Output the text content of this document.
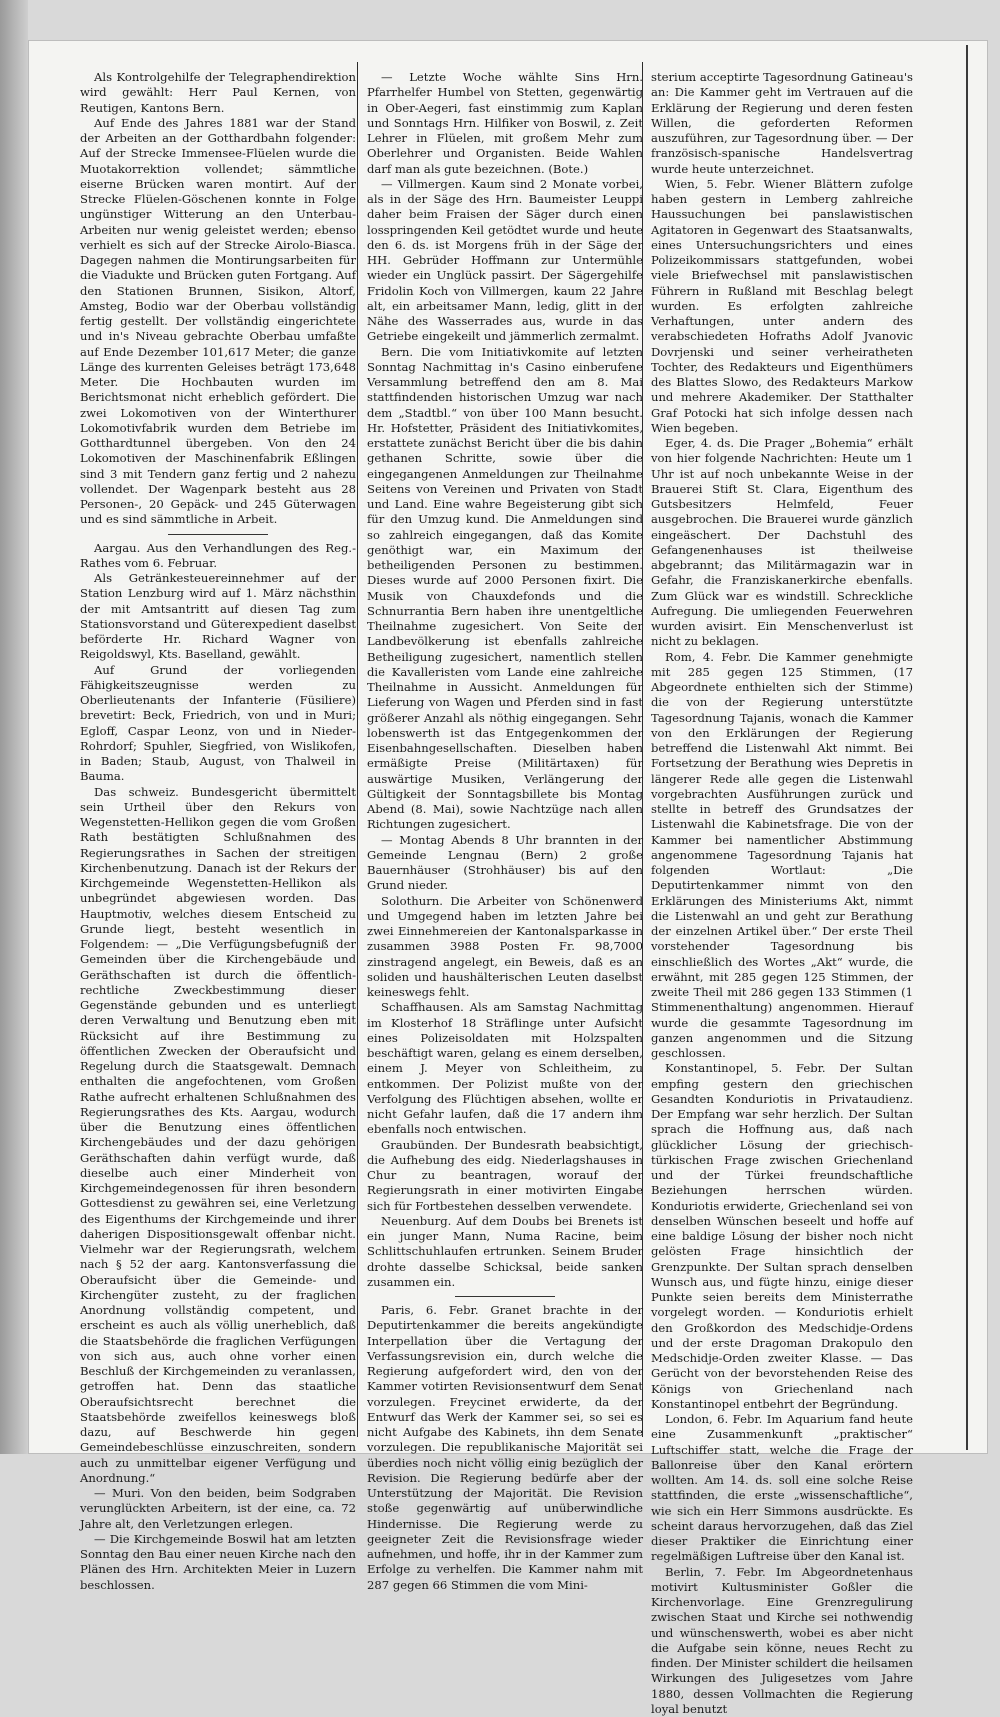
Als Kontrolgehilfe der Telegraphendirektion wird gewählt: Herr Paul Kernen, von Reutigen, Kantons Bern.

Auf Ende des Jahres 1881 war der Stand der Arbeiten an der Gotthardbahn folgender: Auf der Strecke Immensee-Flüelen wurde die Muotakorrektion vollendet; sämmtliche eiserne Brücken waren montirt. Auf der Strecke Flüelen-Göschenen konnte in Folge ungünstiger Witterung an den Unterbau-Arbeiten nur wenig geleistet werden; ebenso verhielt es sich auf der Strecke Airolo-Biasca. Dagegen nahmen die Montirungsarbeiten für die Viadukte und Brücken guten Fortgang. Auf den Stationen Brunnen, Sisikon, Altorf, Amsteg, Bodio war der Oberbau vollständig fertig gestellt. Der vollständig eingerichtete und in's Niveau gebrachte Oberbau umfaßte auf Ende Dezember 101,617 Meter; die ganze Länge des kurrenten Geleises beträgt 173,648 Meter. Die Hochbauten wurden im Berichtsmonat nicht erheblich gefördert. Die zwei Lokomotiven von der Winterthurer Lokomotivfabrik wurden dem Betriebe im Gotthardtunnel übergeben. Von den 24 Lokomotiven der Maschinenfabrik Eßlingen sind 3 mit Tendern ganz fertig und 2 nahezu vollendet. Der Wagenpark besteht aus 28 Personen-, 20 Gepäck- und 245 Güterwagen und es sind sämmtliche in Arbeit.

Aargau. Aus den Verhandlungen des Reg.-Rathes vom 6. Februar.

Als Getränkesteuereinnehmer auf der Station Lenzburg wird auf 1. März nächsthin der mit Amtsantritt auf diesen Tag zum Stationsvorstand und Güterexpedient daselbst beförderte Hr. Richard Wagner von Reigoldswyl, Kts. Baselland, gewählt.

Auf Grund der vorliegenden Fähigkeitszeugnisse werden zu Oberlieutenants der Infanterie (Füsiliere) brevetirt: Beck, Friedrich, von und in Muri; Egloff, Caspar Leonz, von und in Nieder-Rohrdorf; Spuhler, Siegfried, von Wislikofen, in Baden; Staub, August, von Thalweil in Bauma.

Das schweiz. Bundesgericht übermittelt sein Urtheil über den Rekurs von Wegenstetten-Hellikon gegen die vom Großen Rath bestätigten Schlußnahmen des Regierungsrathes in Sachen der streitigen Kirchenbenutzung. Danach ist der Rekurs der Kirchgemeinde Wegenstetten-Hellikon als unbegründet abgewiesen worden. Das Hauptmotiv, welches diesem Entscheid zu Grunde liegt, besteht wesentlich in Folgendem: — „Die Verfügungsbefugniß der Gemeinden über die Kirchengebäude und Geräthschaften ist durch die öffentlich-rechtliche Zweckbestimmung dieser Gegenstände gebunden und es unterliegt deren Verwaltung und Benutzung eben mit Rücksicht auf ihre Bestimmung zu öffentlichen Zwecken der Oberaufsicht und Regelung durch die Staatsgewalt. Demnach enthalten die angefochtenen, vom Großen Rathe aufrecht erhaltenen Schlußnahmen des Regierungsrathes des Kts. Aargau, wodurch über die Benutzung eines öffentlichen Kirchengebäudes und der dazu gehörigen Geräthschaften dahin verfügt wurde, daß dieselbe auch einer Minderheit von Kirchgemeindegenossen für ihren besondern Gottesdienst zu gewähren sei, eine Verletzung des Eigenthums der Kirchgemeinde und ihrer daherigen Dispositionsgewalt offenbar nicht. Vielmehr war der Regierungsrath, welchem nach § 52 der aarg. Kantonsverfassung die Oberaufsicht über die Gemeinde- und Kirchengüter zusteht, zu der fraglichen Anordnung vollständig competent, und erscheint es auch als völlig unerheblich, daß die Staatsbehörde die fraglichen Verfügungen von sich aus, auch ohne vorher einen Beschluß der Kirchgemeinden zu veranlassen, getroffen hat. Denn das staatliche Oberaufsichtsrecht berechnet die Staatsbehörde zweifellos keineswegs bloß dazu, auf Beschwerde hin gegen Gemeindebeschlüsse einzuschreiten, sondern auch zu unmittelbar eigener Verfügung und Anordnung.“

— Muri. Von den beiden, beim Sodgraben verunglückten Arbeitern, ist der eine, ca. 72 Jahre alt, den Verletzungen erlegen.

— Die Kirchgemeinde Boswil hat am letzten Sonntag den Bau einer neuen Kirche nach den Plänen des Hrn. Architekten Meier in Luzern beschlossen.

— Letzte Woche wählte Sins Hrn. Pfarrhelfer Humbel von Stetten, gegenwärtig in Ober-Aegeri, fast einstimmig zum Kaplan und Sonntags Hrn. Hilfiker von Boswil, z. Zeit Lehrer in Flüelen, mit großem Mehr zum Oberlehrer und Organisten. Beide Wahlen darf man als gute bezeichnen. (Bote.)

— Villmergen. Kaum sind 2 Monate vorbei, als in der Säge des Hrn. Baumeister Leuppi daher beim Fraisen der Säger durch einen losspringenden Keil getödtet wurde und heute den 6. ds. ist Morgens früh in der Säge der HH. Gebrüder Hoffmann zur Untermühle wieder ein Unglück passirt. Der Sägergehilfe Fridolin Koch von Villmergen, kaum 22 Jahre alt, ein arbeitsamer Mann, ledig, glitt in der Nähe des Wasserrades aus, wurde in das Getriebe eingekeilt und jämmerlich zermalmt.

Bern. Die vom Initiativkomite auf letzten Sonntag Nachmittag in's Casino einberufene Versammlung betreffend den am 8. Mai stattfindenden historischen Umzug war nach dem „Stadtbl.“ von über 100 Mann besucht. Hr. Hofstetter, Präsident des Initiativkomites, erstattete zunächst Bericht über die bis dahin gethanen Schritte, sowie über die eingegangenen Anmeldungen zur Theilnahme Seitens von Vereinen und Privaten von Stadt und Land. Eine wahre Begeisterung gibt sich für den Umzug kund. Die Anmeldungen sind so zahlreich eingegangen, daß das Komite genöthigt war, ein Maximum der betheiligenden Personen zu bestimmen. Dieses wurde auf 2000 Personen fixirt. Die Musik von Chauxdefonds und die Schnurrantia Bern haben ihre unentgeltliche Theilnahme zugesichert. Von Seite der Landbevölkerung ist ebenfalls zahlreiche Betheiligung zugesichert, namentlich stellen die Kavalleristen vom Lande eine zahlreiche Theilnahme in Aussicht. Anmeldungen für Lieferung von Wagen und Pferden sind in fast größerer Anzahl als nöthig eingegangen. Sehr lobenswerth ist das Entgegenkommen der Eisenbahngesellschaften. Dieselben haben ermäßigte Preise (Militärtaxen) für auswärtige Musiken, Verlängerung der Gültigkeit der Sonntagsbillete bis Montag Abend (8. Mai), sowie Nachtzüge nach allen Richtungen zugesichert.

— Montag Abends 8 Uhr brannten in der Gemeinde Lengnau (Bern) 2 große Bauernhäuser (Strohhäuser) bis auf den Grund nieder.

Solothurn. Die Arbeiter von Schönenwerd und Umgegend haben im letzten Jahre bei zwei Einnehmereien der Kantonalsparkasse in zusammen 3988 Posten Fr. 98,7000 zinstragend angelegt, ein Beweis, daß es an soliden und haushälterischen Leuten daselbst keineswegs fehlt.

Schaffhausen. Als am Samstag Nachmittag im Klosterhof 18 Sträflinge unter Aufsicht eines Polizeisoldaten mit Holzspalten beschäftigt waren, gelang es einem derselben, einem J. Meyer von Schleitheim, zu entkommen. Der Polizist mußte von der Verfolgung des Flüchtigen absehen, wollte er nicht Gefahr laufen, daß die 17 andern ihm ebenfalls noch entwischen.

Graubünden. Der Bundesrath beabsichtigt, die Aufhebung des eidg. Niederlagshauses in Chur zu beantragen, worauf der Regierungsrath in einer motivirten Eingabe sich für Fortbestehen desselben verwendete.

Neuenburg. Auf dem Doubs bei Brenets ist ein junger Mann, Numa Racine, beim Schlittschuhlaufen ertrunken. Seinem Bruder drohte dasselbe Schicksal, beide sanken zusammen ein.

Paris, 6. Febr. Granet brachte in der Deputirtenkammer die bereits angekündigte Interpellation über die Vertagung der Verfassungsrevision ein, durch welche die Regierung aufgefordert wird, den von der Kammer votirten Revisionsentwurf dem Senat vorzulegen. Freycinet erwiderte, da der Entwurf das Werk der Kammer sei, so sei es nicht Aufgabe des Kabinets, ihn dem Senate vorzulegen. Die republikanische Majorität sei überdies noch nicht völlig einig bezüglich der Revision. Die Regierung bedürfe aber der Unterstützung der Majorität. Die Revision stoße gegenwärtig auf unüberwindliche Hindernisse. Die Regierung werde zu geeigneter Zeit die Revisionsfrage wieder aufnehmen, und hoffe, ihr in der Kammer zum Erfolge zu verhelfen. Die Kammer nahm mit 287 gegen 66 Stimmen die vom Mini-

sterium acceptirte Tagesordnung Gatineau's an: Die Kammer geht im Vertrauen auf die Erklärung der Regierung und deren festen Willen, die geforderten Reformen auszuführen, zur Tagesordnung über. — Der französisch-spanische Handelsvertrag wurde heute unterzeichnet.

Wien, 5. Febr. Wiener Blättern zufolge haben gestern in Lemberg zahlreiche Haussuchungen bei panslawistischen Agitatoren in Gegenwart des Staatsanwalts, eines Untersuchungsrichters und eines Polizeikommissars stattgefunden, wobei viele Briefwechsel mit panslawistischen Führern in Rußland mit Beschlag belegt wurden. Es erfolgten zahlreiche Verhaftungen, unter andern des verabschiedeten Hofraths Adolf Jvanovic Dovrjenski und seiner verheiratheten Tochter, des Redakteurs und Eigenthümers des Blattes Slowo, des Redakteurs Markow und mehrere Akademiker. Der Statthalter Graf Potocki hat sich infolge dessen nach Wien begeben.

Eger, 4. ds. Die Prager „Bohemia“ erhält von hier folgende Nachrichten: Heute um 1 Uhr ist auf noch unbekannte Weise in der Brauerei Stift St. Clara, Eigenthum des Gutsbesitzers Helmfeld, Feuer ausgebrochen. Die Brauerei wurde gänzlich eingeäschert. Der Dachstuhl des Gefangenenhauses ist theilweise abgebrannt; das Militärmagazin war in Gefahr, die Franziskanerkirche ebenfalls. Zum Glück war es windstill. Schreckliche Aufregung. Die umliegenden Feuerwehren wurden avisirt. Ein Menschenverlust ist nicht zu beklagen.

Rom, 4. Febr. Die Kammer genehmigte mit 285 gegen 125 Stimmen, (17 Abgeordnete enthielten sich der Stimme) die von der Regierung unterstützte Tagesordnung Tajanis, wonach die Kammer von den Erklärungen der Regierung betreffend die Listenwahl Akt nimmt. Bei Fortsetzung der Berathung wies Depretis in längerer Rede alle gegen die Listenwahl vorgebrachten Ausführungen zurück und stellte in betreff des Grundsatzes der Listenwahl die Kabinetsfrage. Die von der Kammer bei namentlicher Abstimmung angenommene Tagesordnung Tajanis hat folgenden Wortlaut: „Die Deputirtenkammer nimmt von den Erklärungen des Ministeriums Akt, nimmt die Listenwahl an und geht zur Berathung der einzelnen Artikel über.“ Der erste Theil vorstehender Tagesordnung bis einschließlich des Wortes „Akt“ wurde, die erwähnt, mit 285 gegen 125 Stimmen, der zweite Theil mit 286 gegen 133 Stimmen (1 Stimmenenthaltung) angenommen. Hierauf wurde die gesammte Tagesordnung im ganzen angenommen und die Sitzung geschlossen.

Konstantinopel, 5. Febr. Der Sultan empfing gestern den griechischen Gesandten Konduriotis in Privataudienz. Der Empfang war sehr herzlich. Der Sultan sprach die Hoffnung aus, daß nach glücklicher Lösung der griechisch-türkischen Frage zwischen Griechenland und der Türkei freundschaftliche Beziehungen herrschen würden. Konduriotis erwiderte, Griechenland sei von denselben Wünschen beseelt und hoffe auf eine baldige Lösung der bisher noch nicht gelösten Frage hinsichtlich der Grenzpunkte. Der Sultan sprach denselben Wunsch aus, und fügte hinzu, einige dieser Punkte seien bereits dem Ministerrathe vorgelegt worden. — Konduriotis erhielt den Großkordon des Medschidje-Ordens und der erste Dragoman Drakopulo den Medschidje-Orden zweiter Klasse. — Das Gerücht von der bevorstehenden Reise des Königs von Griechenland nach Konstantinopel entbehrt der Begründung.

London, 6. Febr. Im Aquarium fand heute eine Zusammenkunft „praktischer“ Luftschiffer statt, welche die Frage der Ballonreise über den Kanal erörtern wollten. Am 14. ds. soll eine solche Reise stattfinden, die erste „wissenschaftliche“, wie sich ein Herr Simmons ausdrückte. Es scheint daraus hervorzugehen, daß das Ziel dieser Praktiker die Einrichtung einer regelmäßigen Luftreise über den Kanal ist.

Berlin, 7. Febr. Im Abgeordnetenhaus motivirt Kultusminister Goßler die Kirchenvorlage. Eine Grenzregulirung zwischen Staat und Kirche sei nothwendig und wünschenswerth, wobei es aber nicht die Aufgabe sein könne, neues Recht zu finden. Der Minister schildert die heilsamen Wirkungen des Juligesetzes vom Jahre 1880, dessen Vollmachten die Regierung loyal benutzt
